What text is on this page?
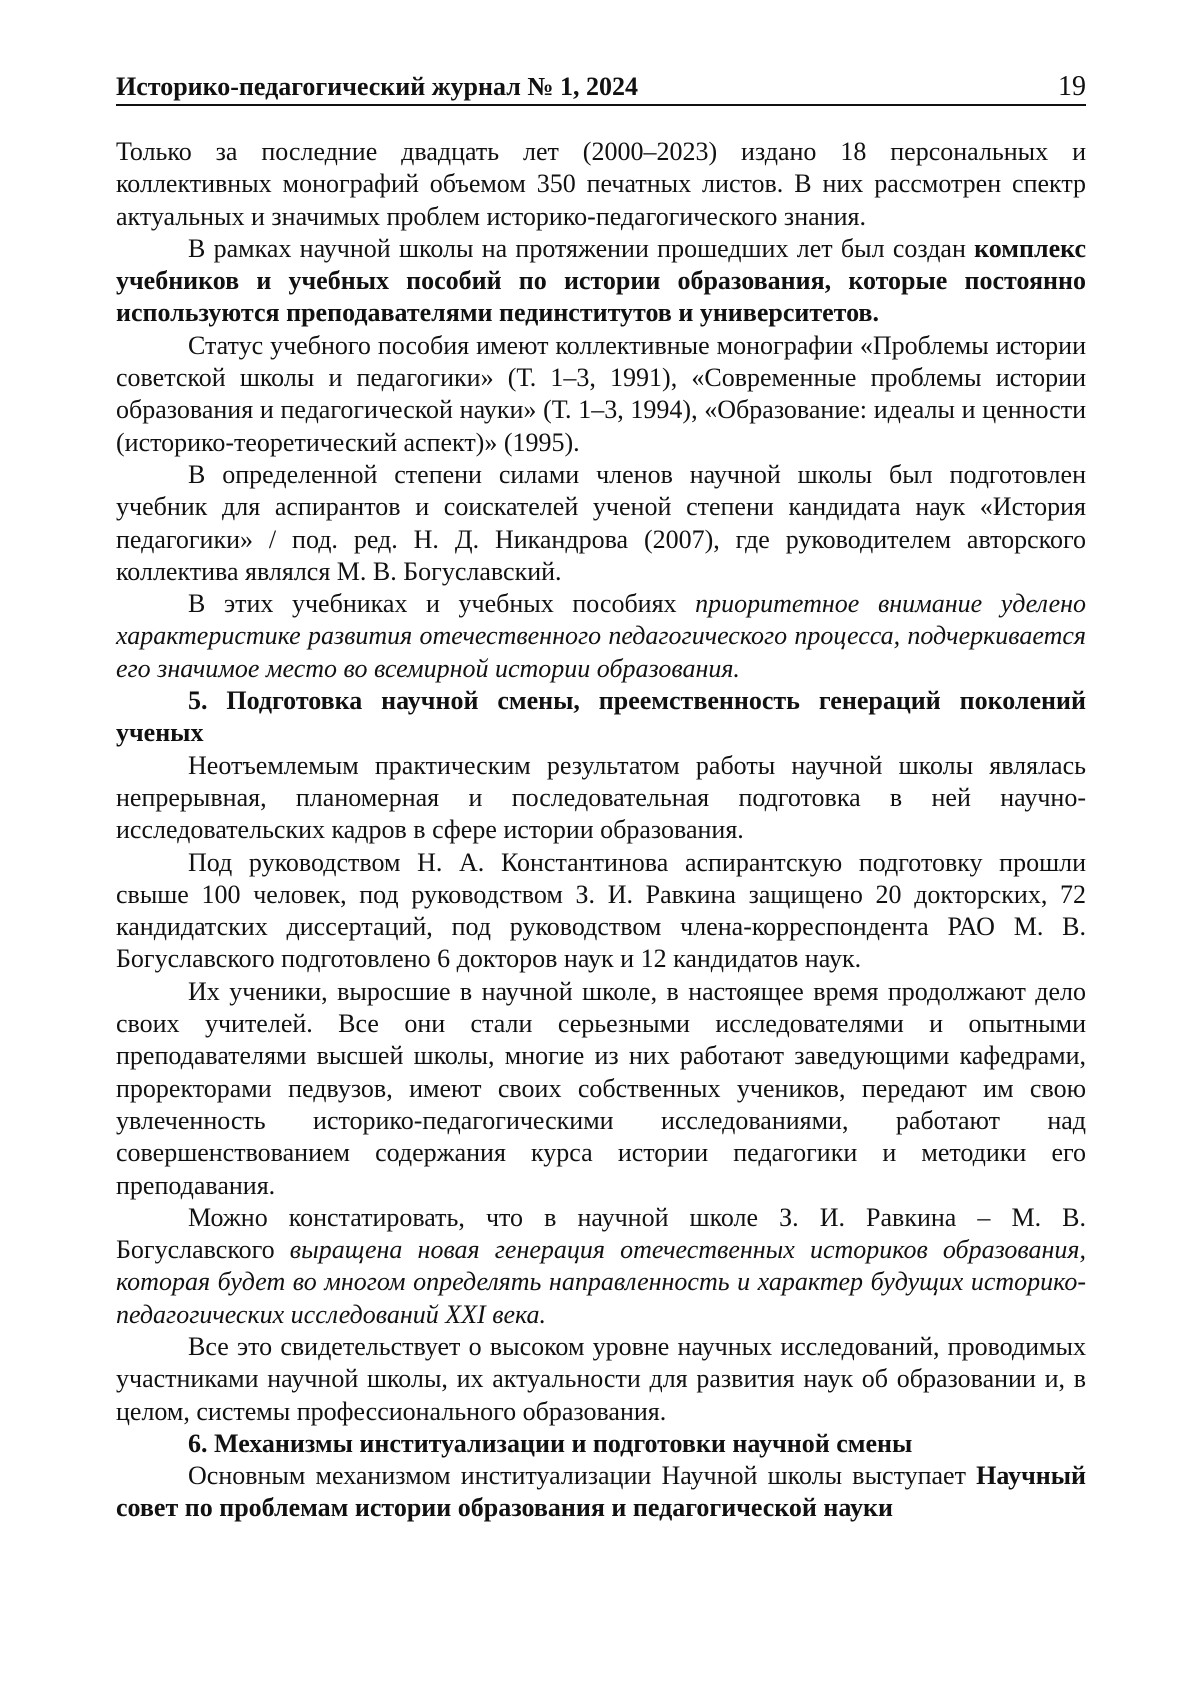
Историко-педагогический журнал № 1, 2024	19

Только за последние двадцать лет (2000–2023) издано 18 персональных и коллективных монографий объемом 350 печатных листов. В них рассмотрен спектр актуальных и значимых проблем историко-педагогического знания.

В рамках научной школы на протяжении прошедших лет был создан комплекс учебников и учебных пособий по истории образования, которые постоянно используются преподавателями пединститутов и университетов.

Статус учебного пособия имеют коллективные монографии «Проблемы истории советской школы и педагогики» (Т. 1–3, 1991), «Современные проблемы истории образования и педагогической науки» (Т. 1–3, 1994), «Образование: идеалы и ценности (историко-теоретический аспект)» (1995).

В определенной степени силами членов научной школы был подготовлен учебник для аспирантов и соискателей ученой степени кандидата наук «История педагогики» / под. ред. Н. Д. Никандрова (2007), где руководителем авторского коллектива являлся М. В. Богуславский.

В этих учебниках и учебных пособиях приоритетное внимание уделено характеристике развития отечественного педагогического процесса, подчеркивается его значимое место во всемирной истории образования.

5. Подготовка научной смены, преемственность генераций поколений ученых

Неотъемлемым практическим результатом работы научной школы являлась непрерывная, планомерная и последовательная подготовка в ней научно-исследовательских кадров в сфере истории образования.

Под руководством Н. А. Константинова аспирантскую подготовку прошли свыше 100 человек, под руководством З. И. Равкина защищено 20 докторских, 72 кандидатских диссертаций, под руководством члена-корреспондента РАО М. В. Богуславского подготовлено 6 докторов наук и 12 кандидатов наук.

Их ученики, выросшие в научной школе, в настоящее время продолжают дело своих учителей. Все они стали серьезными исследователями и опытными преподавателями высшей школы, многие из них работают заведующими кафедрами, проректорами педвузов, имеют своих собственных учеников, передают им свою увлеченность историко-педагогическими исследованиями, работают над совершенствованием содержания курса истории педагогики и методики его преподавания.

Можно констатировать, что в научной школе З. И. Равкина – М. В. Богуславского выращена новая генерация отечественных историков образования, которая будет во многом определять направленность и характер будущих историко-педагогических исследований XXI века.

Все это свидетельствует о высоком уровне научных исследований, проводимых участниками научной школы, их актуальности для развития наук об образовании и, в целом, системы профессионального образования.

6. Механизмы институализации и подготовки научной смены

Основным механизмом институализации Научной школы выступает Научный совет по проблемам истории образования и педагогической науки
